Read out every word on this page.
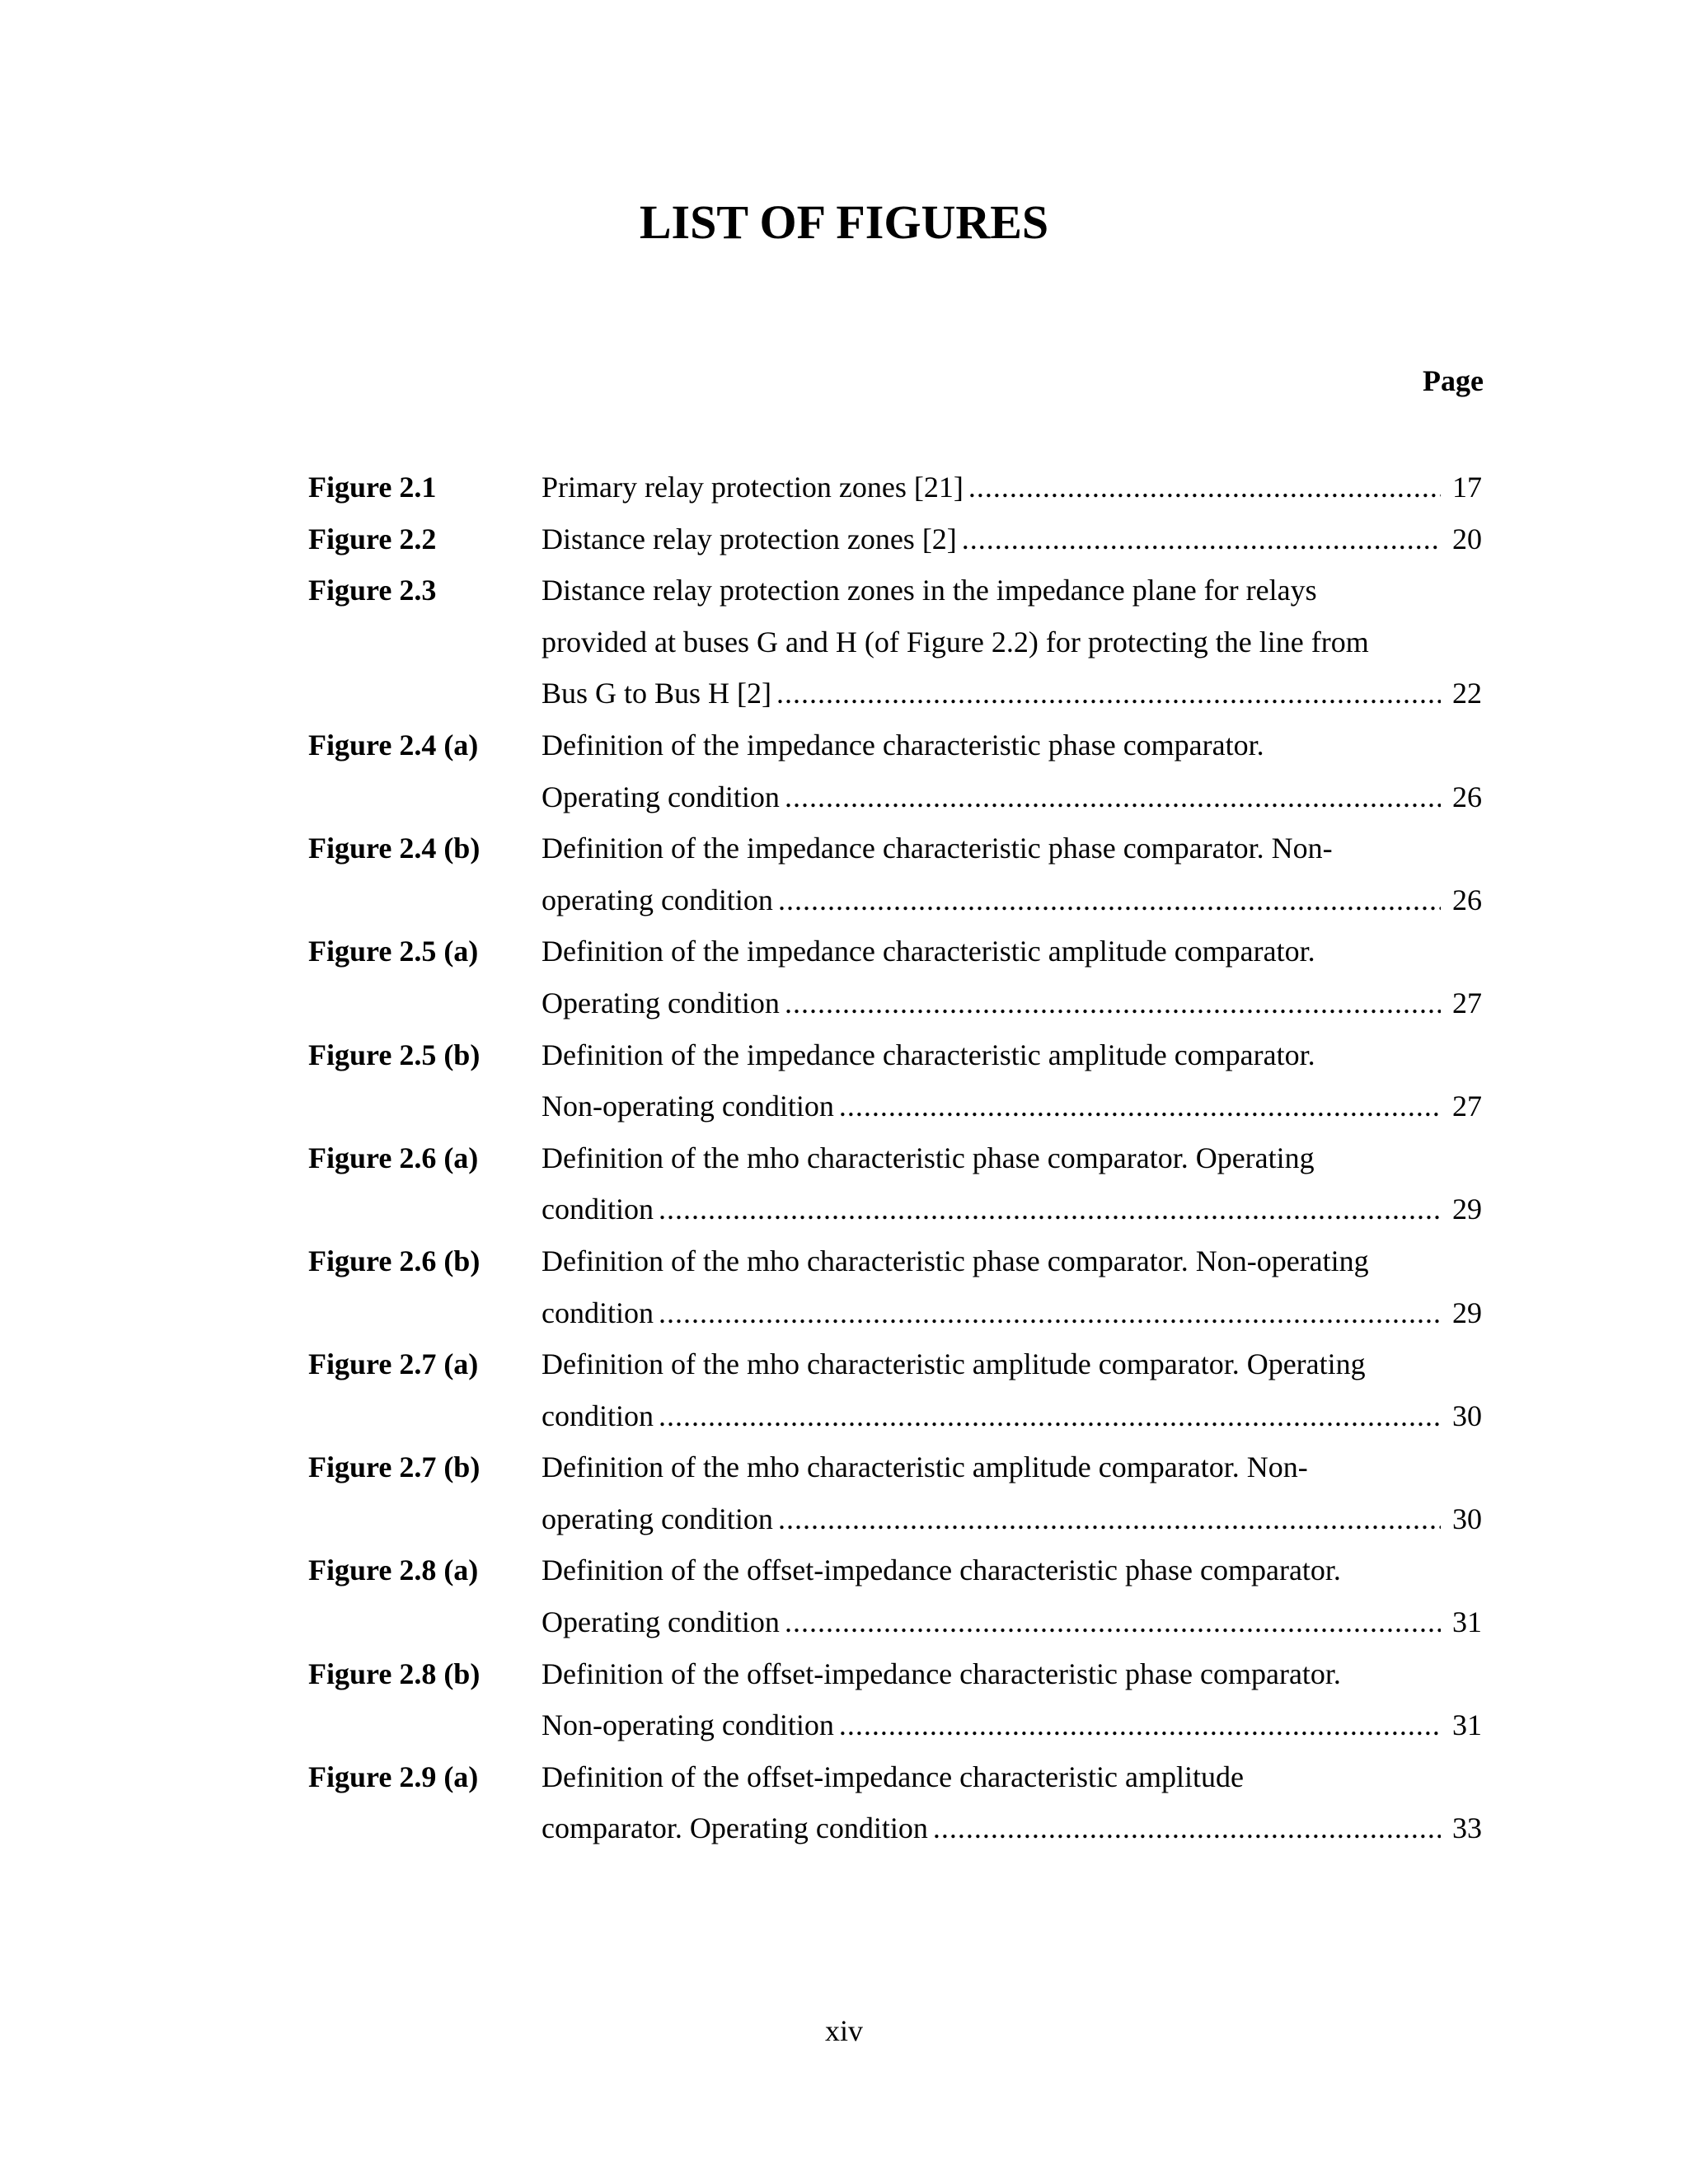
LIST OF FIGURES
Page
Figure 2.1	Primary relay protection zones [21] .....	17
Figure 2.2	Distance relay protection zones [2] .....	20
Figure 2.3	Distance relay protection zones in the impedance plane for relays
provided at buses G and H (of Figure 2.2) for protecting the line from
Bus G to Bus H [2] .....	22
Figure 2.4 (a)	Definition of the impedance characteristic phase comparator.
Operating condition .....	26
Figure 2.4 (b)	Definition of the impedance characteristic phase comparator. Non-
operating condition .....	26
Figure 2.5 (a)	Definition of the impedance characteristic amplitude comparator.
Operating condition .....	27
Figure 2.5 (b)	Definition of the impedance characteristic amplitude comparator.
Non-operating condition .....	27
Figure 2.6 (a)	Definition of the mho characteristic phase comparator. Operating
condition .....	29
Figure 2.6 (b)	Definition of the mho characteristic phase comparator. Non-operating
condition .....	29
Figure 2.7 (a)	Definition of the mho characteristic amplitude comparator. Operating
condition .....	30
Figure 2.7 (b)	Definition of the mho characteristic amplitude comparator. Non-
operating condition .....	30
Figure 2.8 (a)	Definition of the offset-impedance characteristic phase comparator.
Operating condition .....	31
Figure 2.8 (b)	Definition of the offset-impedance characteristic phase comparator.
Non-operating condition .....	31
Figure 2.9 (a)	Definition of the offset-impedance characteristic amplitude
comparator. Operating condition .....	33
xiv
